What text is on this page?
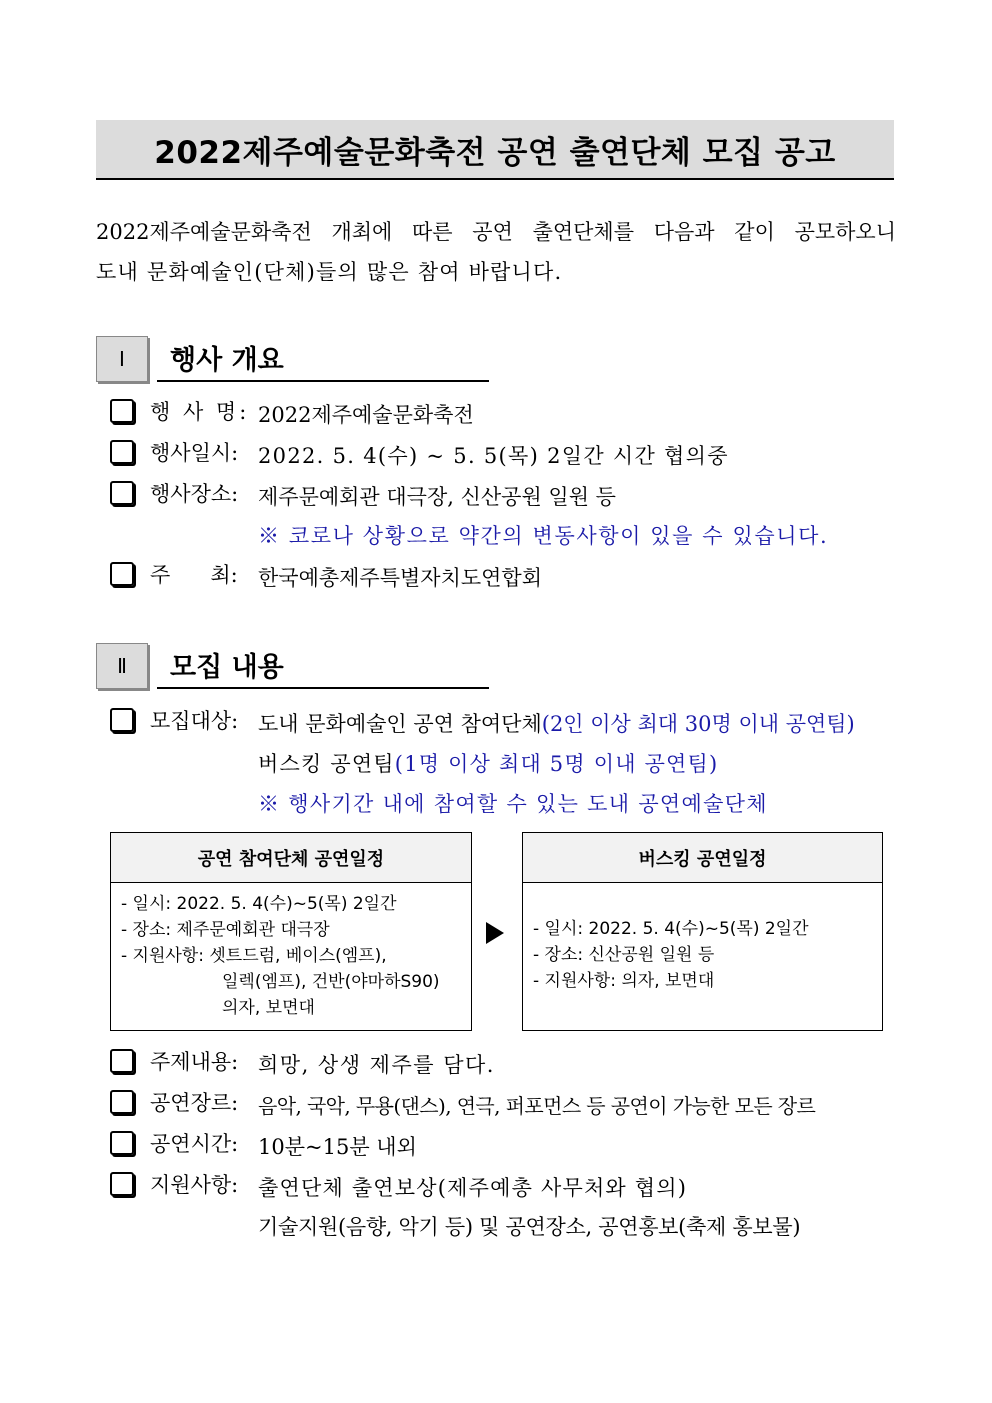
2022제주예술문화축전 공연 출연단체 모집 공고
2022제주예술문화축전 개최에 따른 공연 출연단체를 다음과 같이 공모하오니
도내 문화예술인(단체)들의 많은 참여 바랍니다.
Ⅰ	행사 개요
행 사 명: 2022제주예술문화축전
행사일시: 2022. 5. 4(수) ~ 5. 5(목) 2일간 시간 협의중
행사장소: 제주문예회관 대극장, 신산공원 일원 등
※ 코로나 상황으로 약간의 변동사항이 있을 수 있습니다.
주      최: 한국예총제주특별자치도연합회
Ⅱ	모집 내용
모집대상: 도내 문화예술인 공연 참여단체(2인 이상 최대 30명 이내 공연팀)
버스킹 공연팀(1명 이상 최대 5명 이내 공연팀)
※ 행사기간 내에 참여할 수 있는 도내 공연예술단체
공연 참여단체 공연일정
- 일시: 2022. 5. 4(수)~5(목) 2일간
- 장소: 제주문예회관 대극장
- 지원사항: 셋트드럼, 베이스(엠프),
일렉(엠프), 건반(야마하S90)
의자, 보면대
버스킹 공연일정
- 일시: 2022. 5. 4(수)~5(목) 2일간
- 장소: 신산공원 일원 등
- 지원사항: 의자, 보면대
주제내용: 희망, 상생 제주를 담다.
공연장르: 음악, 국악, 무용(댄스), 연극, 퍼포먼스 등 공연이 가능한 모든 장르
공연시간: 10분~15분 내외
지원사항: 출연단체 출연보상(제주예총 사무처와 협의)
기술지원(음향, 악기 등) 및 공연장소, 공연홍보(축제 홍보물)
